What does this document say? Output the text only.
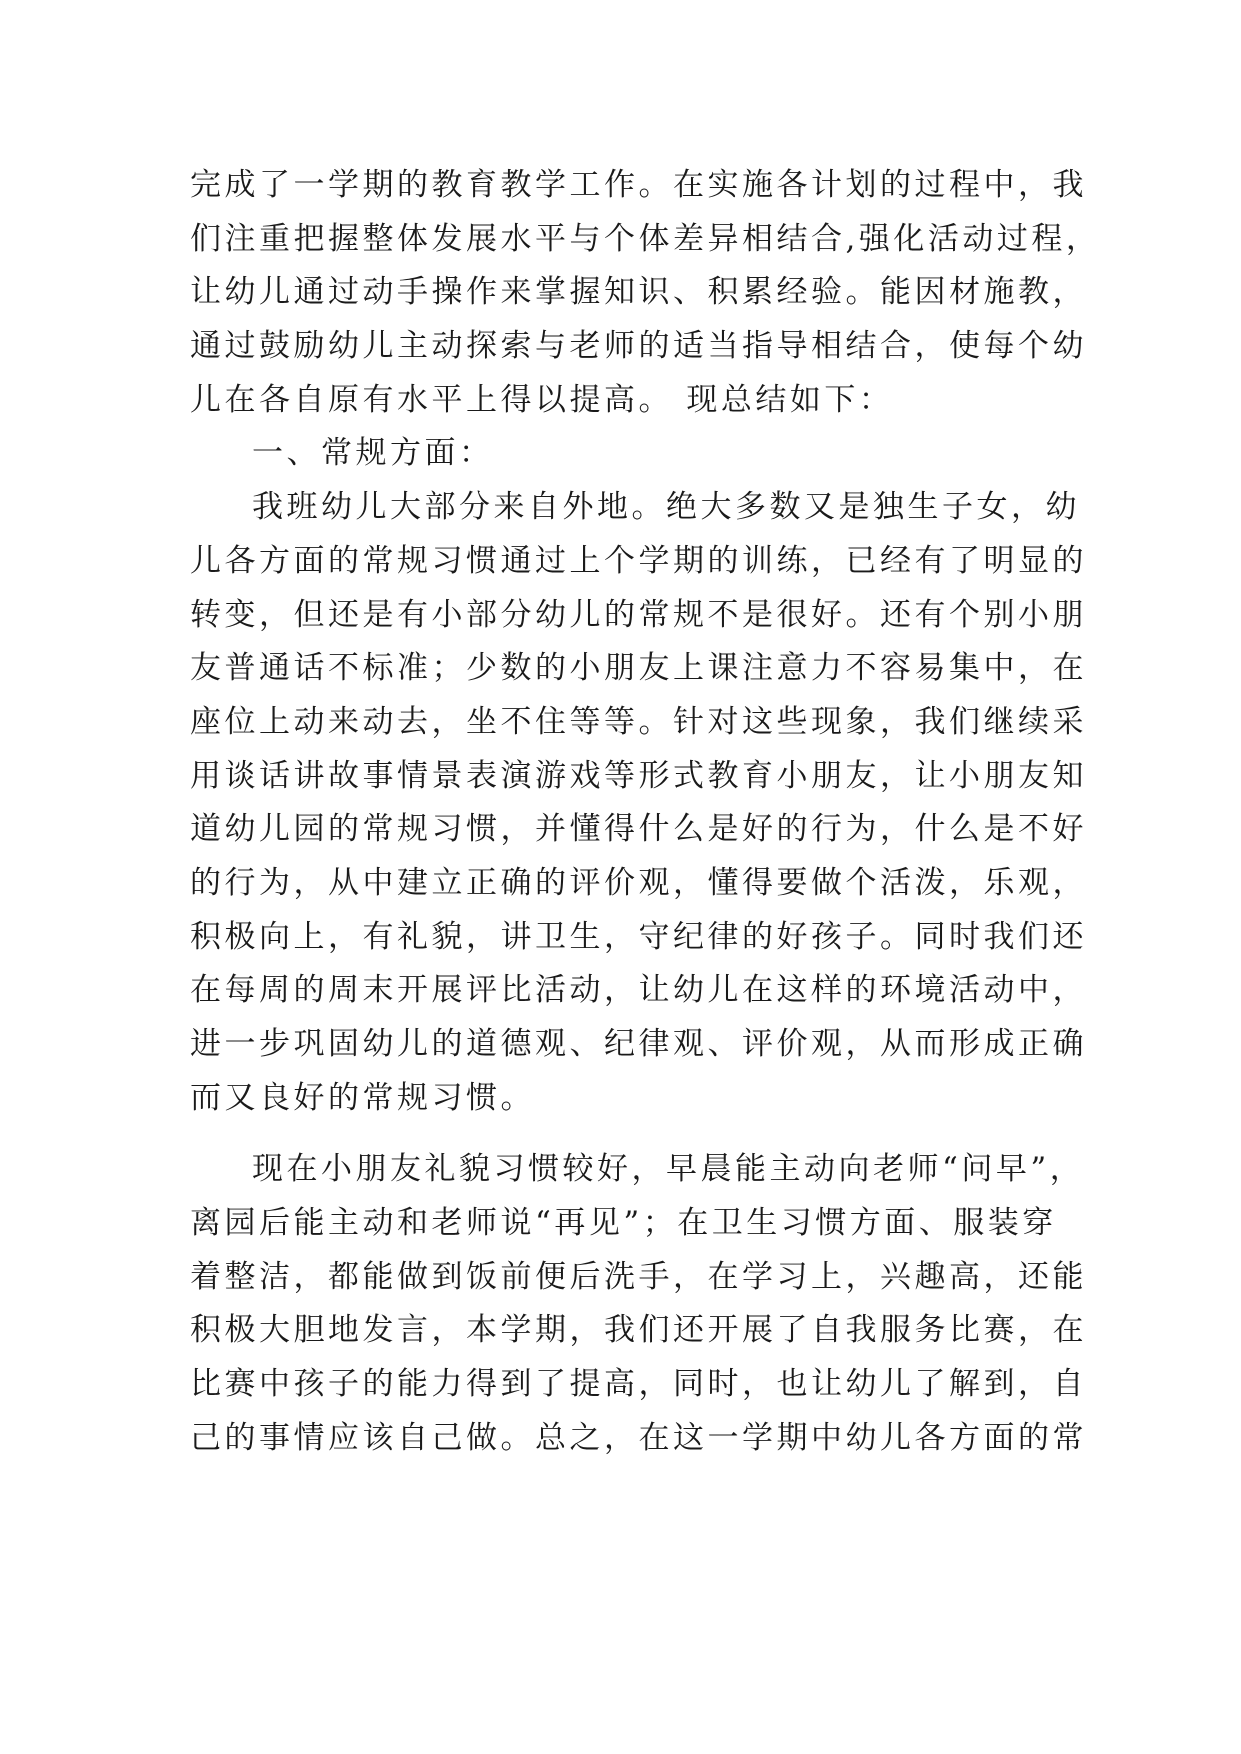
完成了一学期的教育教学工作。在实施各计划的过程中，我
们注重把握整体发展水平与个体差异相结合,强化活动过程，
让幼儿通过动手操作来掌握知识、积累经验。能因材施教，
通过鼓励幼儿主动探索与老师的适当指导相结合，使每个幼
儿在各自原有水平上得以提高。 现总结如下：
一、常规方面：
我班幼儿大部分来自外地。绝大多数又是独生子女，幼
儿各方面的常规习惯通过上个学期的训练，已经有了明显的
转变，但还是有小部分幼儿的常规不是很好。还有个别小朋
友普通话不标准；少数的小朋友上课注意力不容易集中，在
座位上动来动去，坐不住等等。针对这些现象，我们继续采
用谈话讲故事情景表演游戏等形式教育小朋友，让小朋友知
道幼儿园的常规习惯，并懂得什么是好的行为，什么是不好
的行为，从中建立正确的评价观，懂得要做个活泼，乐观，
积极向上，有礼貌，讲卫生，守纪律的好孩子。同时我们还
在每周的周末开展评比活动，让幼儿在这样的环境活动中，
进一步巩固幼儿的道德观、纪律观、评价观，从而形成正确
而又良好的常规习惯。
现在小朋友礼貌习惯较好，早晨能主动向老师“问早”，
离园后能主动和老师说“再见”；在卫生习惯方面、服装穿
着整洁，都能做到饭前便后洗手，在学习上，兴趣高，还能
积极大胆地发言，本学期，我们还开展了自我服务比赛，在
比赛中孩子的能力得到了提高，同时，也让幼儿了解到，自
己的事情应该自己做。总之，在这一学期中幼儿各方面的常
